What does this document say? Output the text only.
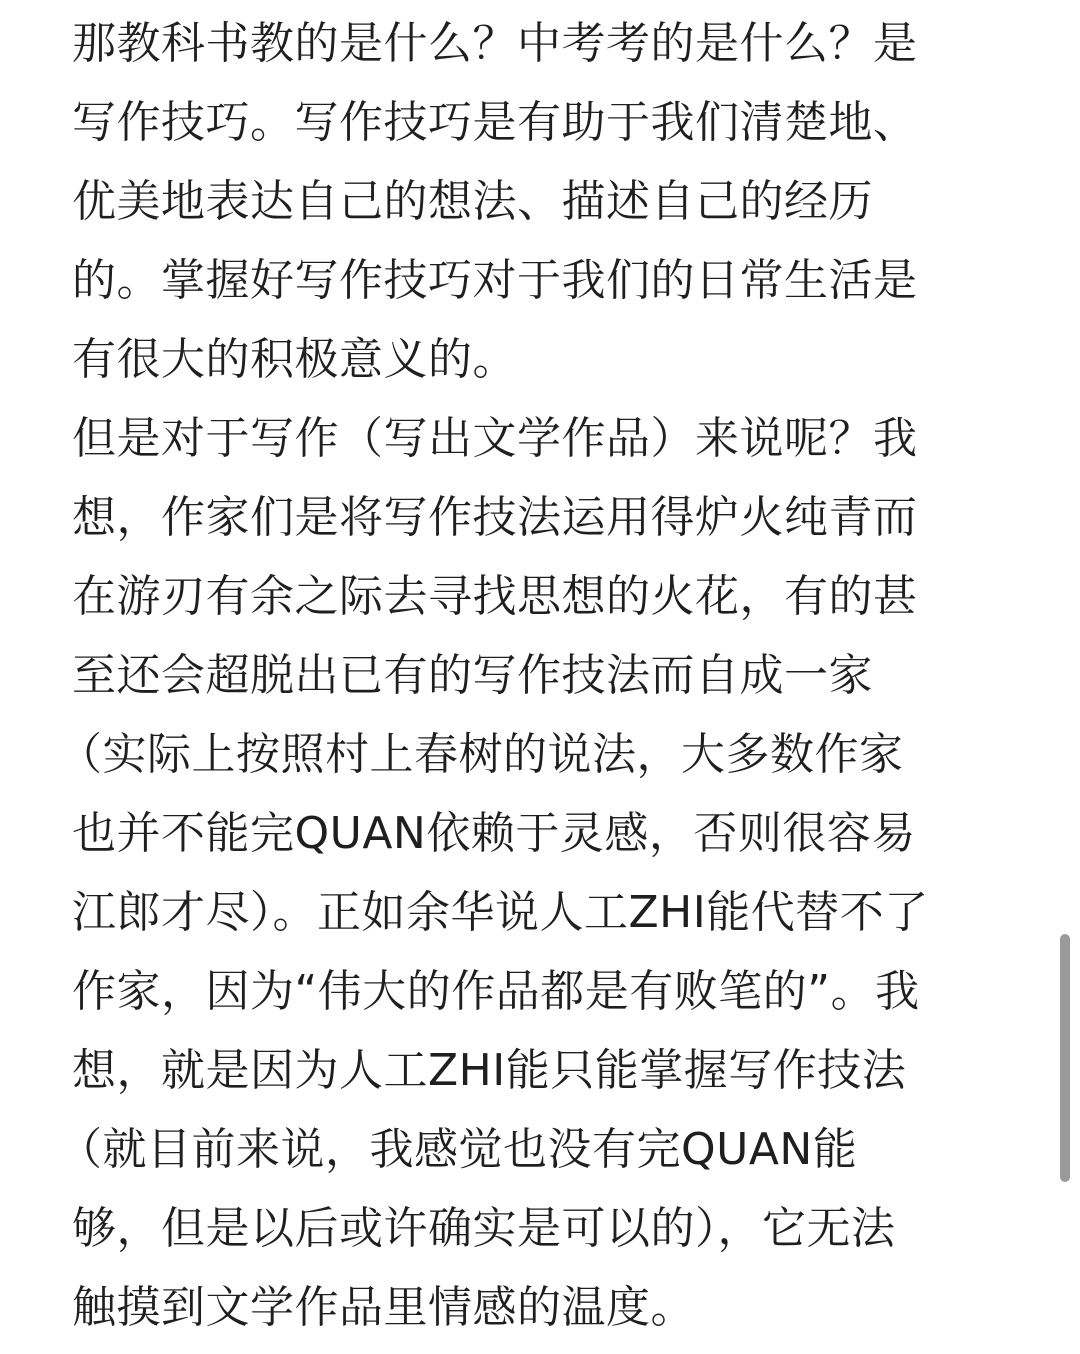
那教科书教的是什么？中考考的是什么？是
写作技巧。写作技巧是有助于我们清楚地、
优美地表达自己的想法、描述自己的经历
的。掌握好写作技巧对于我们的日常生活是
有很大的积极意义的。
但是对于写作（写出文学作品）来说呢？我
想，作家们是将写作技法运用得炉火纯青而
在游刃有余之际去寻找思想的火花，有的甚
至还会超脱出已有的写作技法而自成一家
（实际上按照村上春树的说法，大多数作家
也并不能完QUAN依赖于灵感，否则很容易
江郎才尽）。正如余华说人工ZHI能代替不了
作家，因为“伟大的作品都是有败笔的”。我
想，就是因为人工ZHI能只能掌握写作技法
（就目前来说，我感觉也没有完QUAN能
够，但是以后或许确实是可以的），它无法
触摸到文学作品里情感的温度。
